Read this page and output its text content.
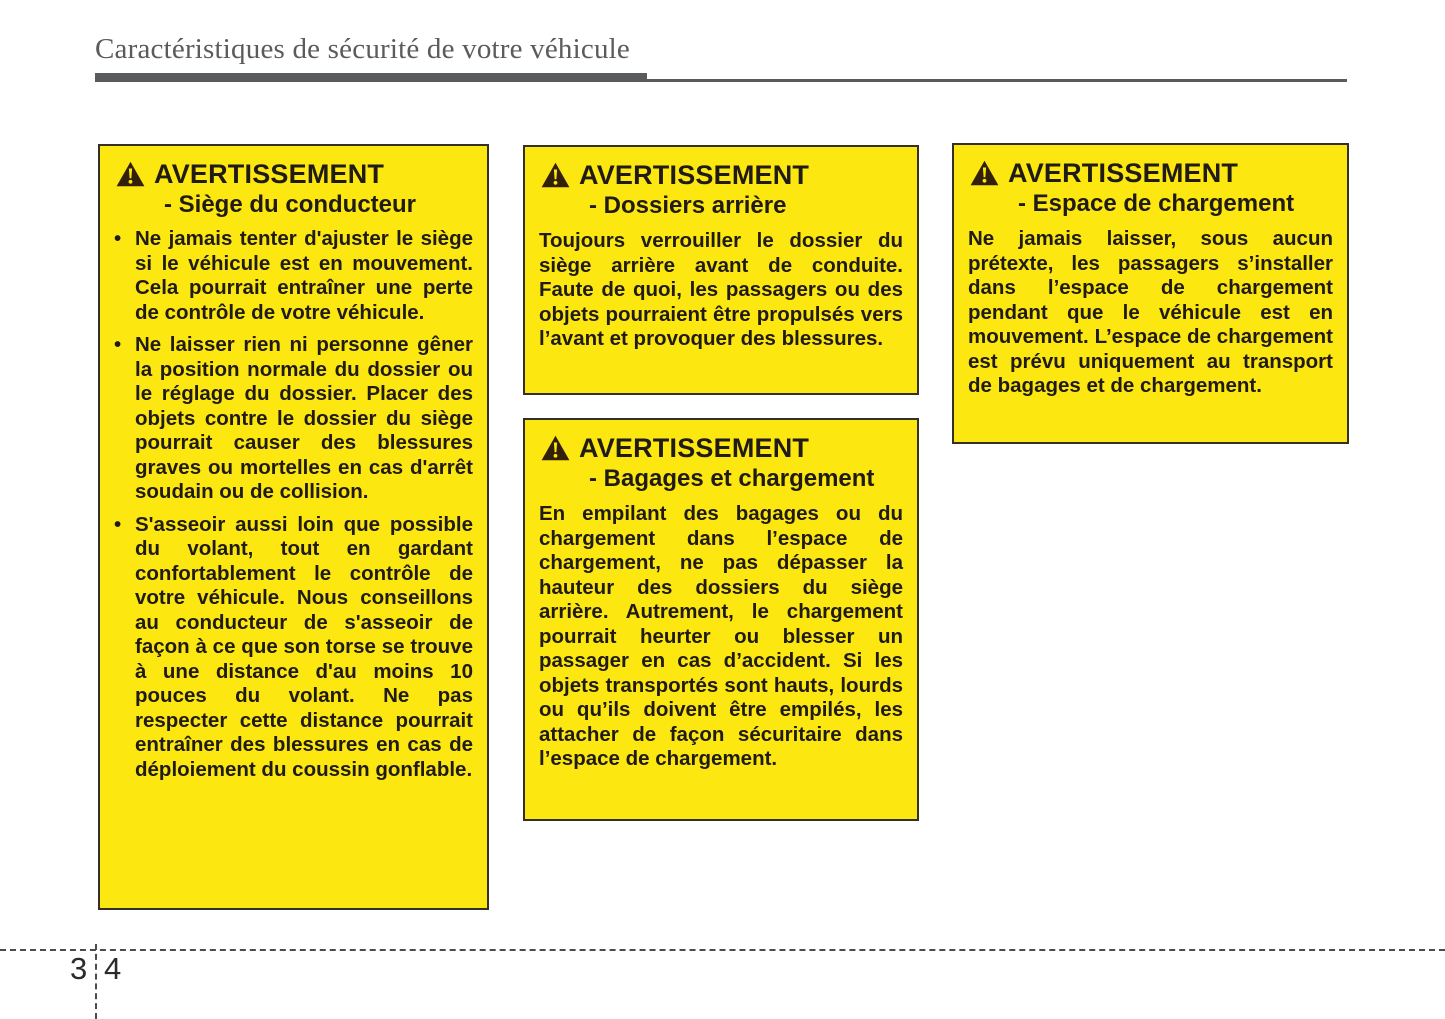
Caractéristiques de sécurité de votre véhicule
AVERTISSEMENT
- Siège du conducteur
• Ne jamais tenter d'ajuster le siège si le véhicule est en mouvement. Cela pourrait entraîner une perte de contrôle de votre véhicule.
• Ne laisser rien ni personne gêner la position normale du dossier ou le réglage du dossier. Placer des objets contre le dossier du siège pourrait causer des blessures graves ou mortelles en cas d'arrêt soudain ou de collision.
• S'asseoir aussi loin que possible du volant, tout en gardant confortablement le contrôle de votre véhicule. Nous conseillons au conducteur de s'asseoir de façon à ce que son torse se trouve à une distance d'au moins 10 pouces du volant. Ne pas respecter cette distance pourrait entraîner des blessures en cas de déploiement du coussin gonflable.
AVERTISSEMENT
- Dossiers arrière
Toujours verrouiller le dossier du siège arrière avant de conduite. Faute de quoi, les passagers ou des objets pourraient être propulsés vers l’avant et provoquer des blessures.
AVERTISSEMENT
- Bagages et chargement
En empilant des bagages ou du chargement dans l’espace de chargement, ne pas dépasser la hauteur des dossiers du siège arrière. Autrement, le chargement pourrait heurter ou blesser un passager en cas d’accident. Si les objets transportés sont hauts, lourds ou qu’ils doivent être empilés, les attacher de façon sécuritaire dans l’espace de chargement.
AVERTISSEMENT
- Espace de chargement
Ne jamais laisser, sous aucun prétexte, les passagers s’installer dans l’espace de chargement pendant que le véhicule est en mouvement. L’espace de chargement est prévu uniquement au transport de bagages et de chargement.
3 4
